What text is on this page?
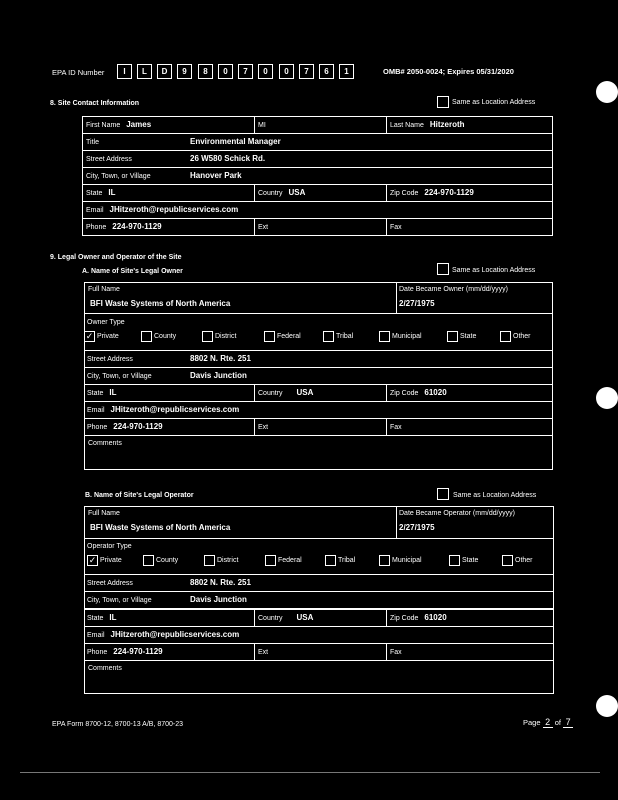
EPA ID Number	I	L	D	9	8	0	7	0	0	7	6	1	OMB# 2050-0024; Expires 05/31/2020
8. Site Contact Information	Same as Location Address
First Name James	MI	Last Name Hitzeroth
Title	Environmental Manager
Street Address	26 W580 Schick Rd.
City, Town, or Village	Hanover Park
State IL	Country USA	Zip Code 224-970-1129
Email JHitzeroth@republicservices.com
Phone 224-970-1129	Ext	Fax
9. Legal Owner and Operator of the Site
A. Name of Site's Legal Owner	Same as Location Address
Full Name
BFI Waste Systems of North America
Date Became Owner (mm/dd/yyyy)
2/27/1975
Owner Type
✓ Private	County	District	Federal	Tribal	Municipal	State	Other
Street Address	8802 N. Rte. 251
City, Town, or Village	Davis Junction
State IL	Country USA	Zip Code 61020
Email JHitzeroth@republicservices.com
Phone 224-970-1129	Ext	Fax
Comments
B. Name of Site's Legal Operator	Same as Location Address
Full Name
BFI Waste Systems of North America
Date Became Operator (mm/dd/yyyy)
2/27/1975
Operator Type
✓ Private	County	District	Federal	Tribal	Municipal	State	Other
Street Address	8802 N. Rte. 251
City, Town, or Village	Davis Junction
State IL	Country USA	Zip Code 61020
Email JHitzeroth@republicservices.com
Phone 224-970-1129	Ext	Fax
Comments
EPA Form 8700-12, 8700-13 A/B, 8700-23	Page 2 of 7
